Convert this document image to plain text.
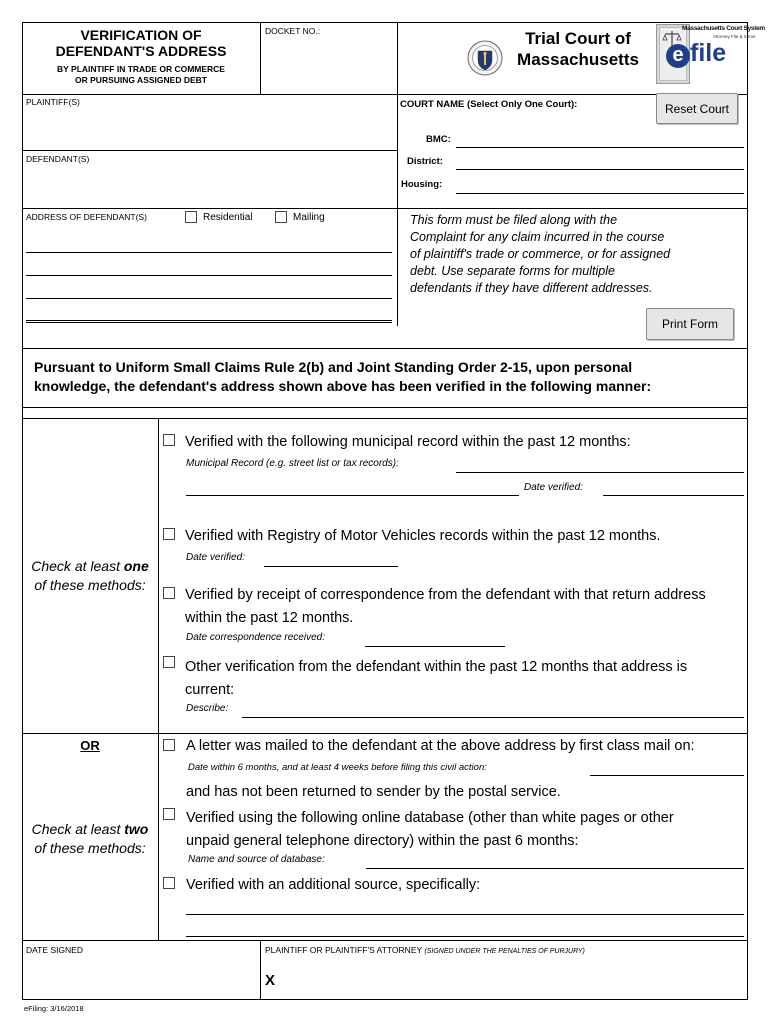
VERIFICATION OF
DEFENDANT'S ADDRESS
BY PLAINTIFF IN TRADE OR COMMERCE
OR PURSUING ASSIGNED DEBT
DOCKET NO.:	Trial Court of
Massachusetts
Massachusetts Court System
Attorney File & Serve
e file
PLAINTIFF(S)
DEFENDANT(S)
ADDRESS OF DEFENDANT(S)	Residential	Mailing
COURT NAME (Select Only One Court):	Reset Court
BMC:
District:
Housing:
This form must be filed along with the
Complaint for any claim incurred in the course
of plaintiff's trade or commerce, or for assigned
debt. Use separate forms for multiple
defendants if they have different addresses.
Print Form
Pursuant to Uniform Small Claims Rule 2(b) and Joint Standing Order 2-15, upon personal
knowledge, the defendant's address shown above has been verified in the following manner:
Check at least one
of these methods:
Verified with the following municipal record within the past 12 months:
Municipal Record (e.g. street list or tax records):
Date verified:
Verified with Registry of Motor Vehicles records within the past 12 months.
Date verified:
Verified by receipt of correspondence from the defendant with that return address
within the past 12 months.
Date correspondence received:
Other verification from the defendant within the past 12 months that address is
current:
Describe:
OR
Check at least two
of these methods:
A letter was mailed to the defendant at the above address by first class mail on:
Date within 6 months, and at least 4 weeks before filing this civil action:
and has not been returned to sender by the postal service.
Verified using the following online database (other than white pages or other
unpaid general telephone directory) within the past 6 months:
Name and source of database:
Verified with an additional source, specifically:
DATE SIGNED	PLAINTIFF OR PLAINTIFF'S ATTORNEY (SIGNED UNDER THE PENALTIES OF PURJURY)
X
eFiling: 3/16/2018
